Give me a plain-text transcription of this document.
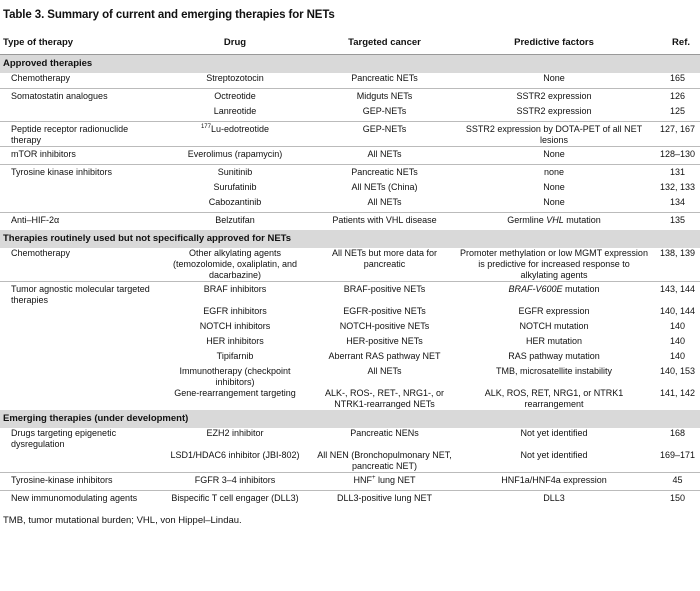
Table 3. Summary of current and emerging therapies for NETs
Type of therapy	Drug	Targeted cancer	Predictive factors	Ref.
Approved therapies				
Chemotherapy	Streptozotocin	Pancreatic NETs	None	165
Somatostatin analogues	Octreotide	Midguts NETs	SSTR2 expression	126
	Lanreotide	GEP-NETs	SSTR2 expression	125
Peptide receptor radionuclide therapy	$^{177}$Lu-edotreotide	GEP-NETs	SSTR2 expression by DOTA-PET of all NET lesions	127, 167
mTOR inhibitors	Everolimus (rapamycin)	All NETs	None	128–130
Tyrosine kinase inhibitors	Sunitinib	Pancreatic NETs	none	131
	Surufatinib	All NETs (China)	None	132, 133
	Cabozantinib	All NETs	None	134
Anti–HIF-2α	Belzutifan	Patients with VHL disease	Germline VHL mutation	135
Therapies routinely used but not specifically approved for NETs				
Chemotherapy	Other alkylating agents (temozolomide, oxaliplatin, and dacarbazine)	All NETs but more data for pancreatic	Promoter methylation or low MGMT expression is predictive for increased response to alkylating agents	138, 139
Tumor agnostic molecular targeted therapies	BRAF inhibitors	BRAF-positive NETs	BRAF-V600E mutation	143, 144
	EGFR inhibitors	EGFR-positive NETs	EGFR expression	140, 144
	NOTCH inhibitors	NOTCH-positive NETs	NOTCH mutation	140
	HER inhibitors	HER-positive NETs	HER mutation	140
	Tipifarnib	Aberrant RAS pathway NET	RAS pathway mutation	140
	Immunotherapy (checkpoint inhibitors)	All NETs	TMB, microsatellite instability	140, 153
	Gene-rearrangement targeting	ALK-, ROS-, RET-, NRG1-, or NTRK1-rearranged NETs	ALK, ROS, RET, NRG1, or NTRK1 rearrangement	141, 142
Emerging therapies (under development)				
Drugs targeting epigenetic dysregulation	EZH2 inhibitor	Pancreatic NENs	Not yet identified	168
	LSD1/HDAC6 inhibitor (JBI-802)	All NEN (Bronchopulmonary NET, pancreatic NET)	Not yet identified	169–171
Tyrosine-kinase inhibitors	FGFR 3–4 inhibitors	HNF+ lung NET	HNF1a/HNF4a expression	45
New immunomodulating agents	Bispecific T cell engager (DLL3)	DLL3-positive lung NET	DLL3	150
TMB, tumor mutational burden; VHL, von Hippel–Lindau.
